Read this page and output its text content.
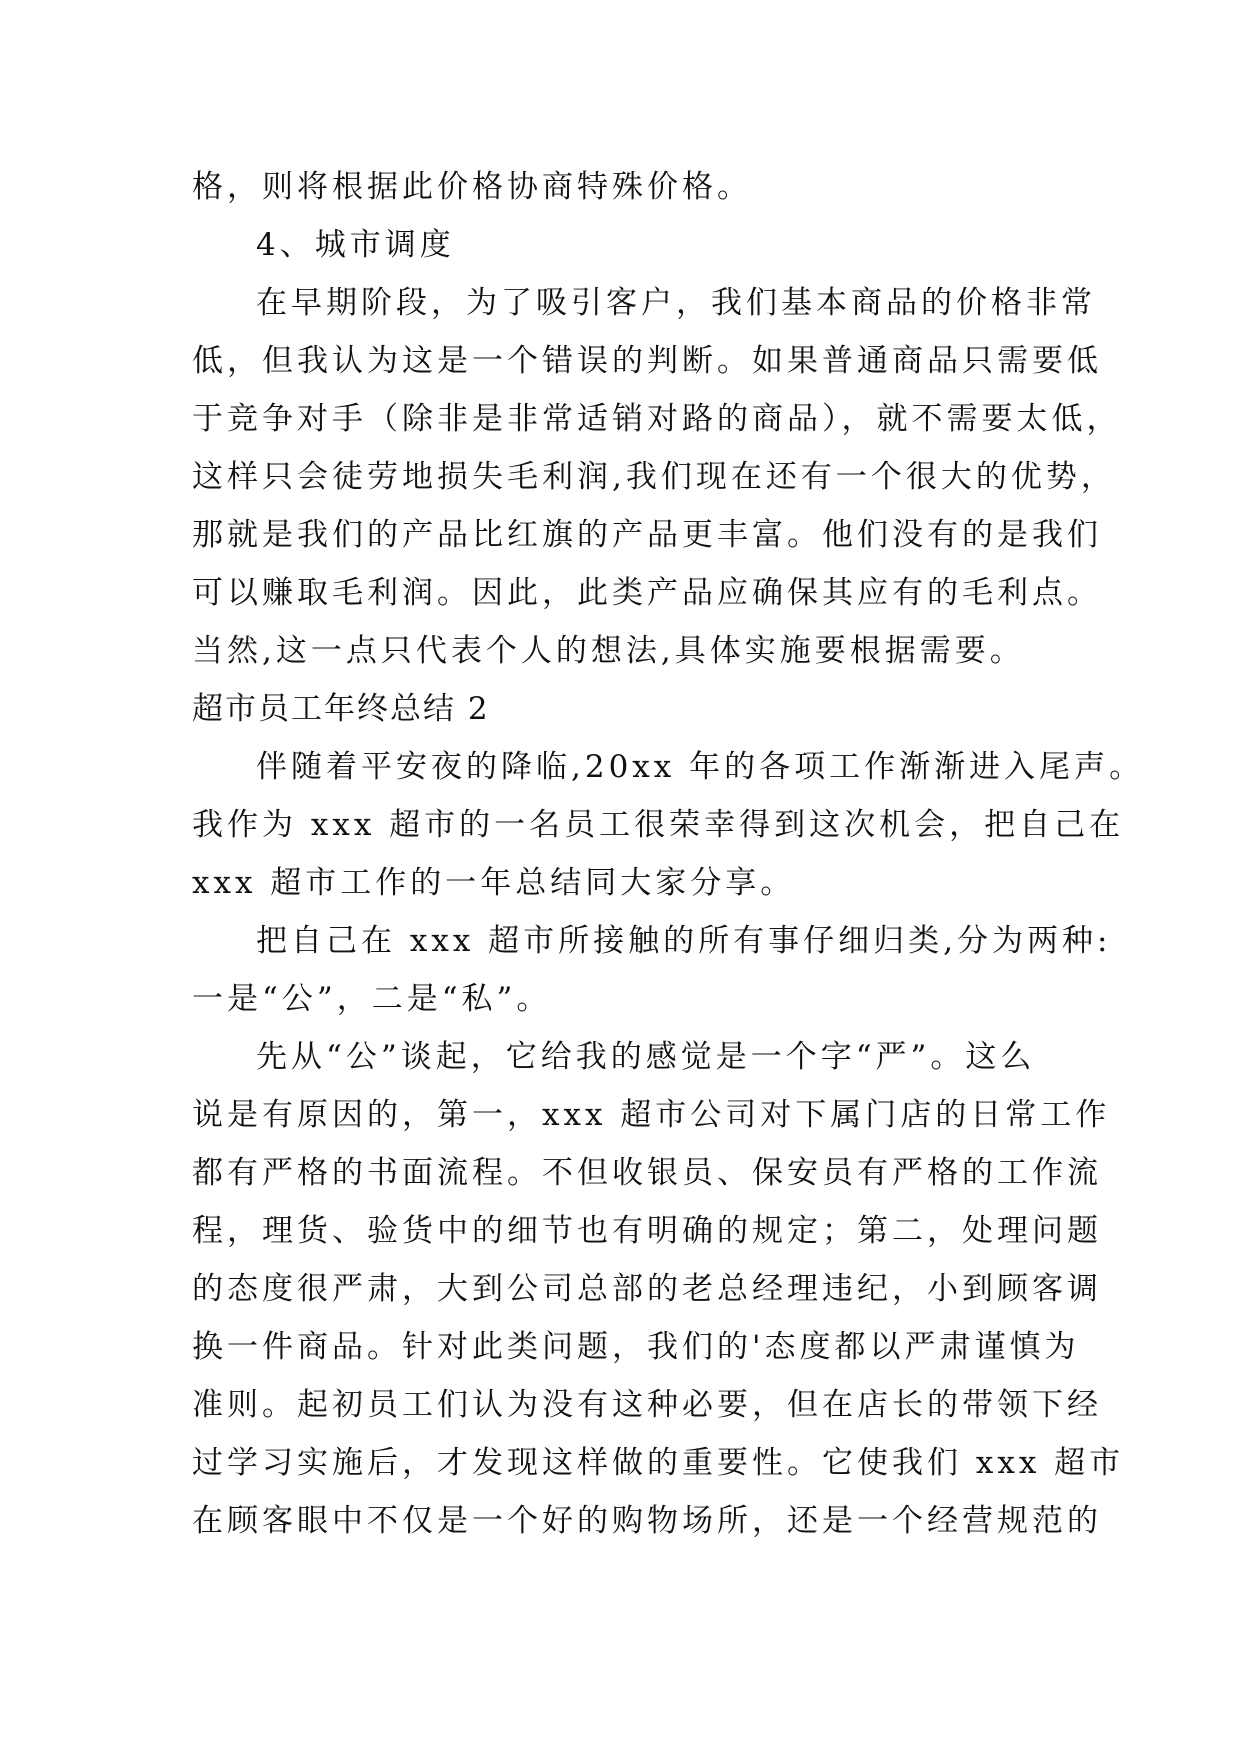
格，则将根据此价格协商特殊价格。
4、城市调度
在早期阶段，为了吸引客户，我们基本商品的价格非常
低，但我认为这是一个错误的判断。如果普通商品只需要低
于竞争对手（除非是非常适销对路的商品），就不需要太低，
这样只会徒劳地损失毛利润,我们现在还有一个很大的优势，
那就是我们的产品比红旗的产品更丰富。他们没有的是我们
可以赚取毛利润。因此，此类产品应确保其应有的毛利点。
当然,这一点只代表个人的想法,具体实施要根据需要。
超市员工年终总结 2
伴随着平安夜的降临,20xx 年的各项工作渐渐进入尾声。
我作为 xxx 超市的一名员工很荣幸得到这次机会，把自己在
xxx 超市工作的一年总结同大家分享。
把自己在 xxx 超市所接触的所有事仔细归类,分为两种:
一是“公”，二是“私”。
先从“公”谈起，它给我的感觉是一个字“严”。这么
说是有原因的，第一，xxx 超市公司对下属门店的日常工作
都有严格的书面流程。不但收银员、保安员有严格的工作流
程，理货、验货中的细节也有明确的规定；第二，处理问题
的态度很严肃，大到公司总部的老总经理违纪，小到顾客调
换一件商品。针对此类问题，我们的'态度都以严肃谨慎为
准则。起初员工们认为没有这种必要，但在店长的带领下经
过学习实施后，才发现这样做的重要性。它使我们 xxx 超市
在顾客眼中不仅是一个好的购物场所，还是一个经营规范的
